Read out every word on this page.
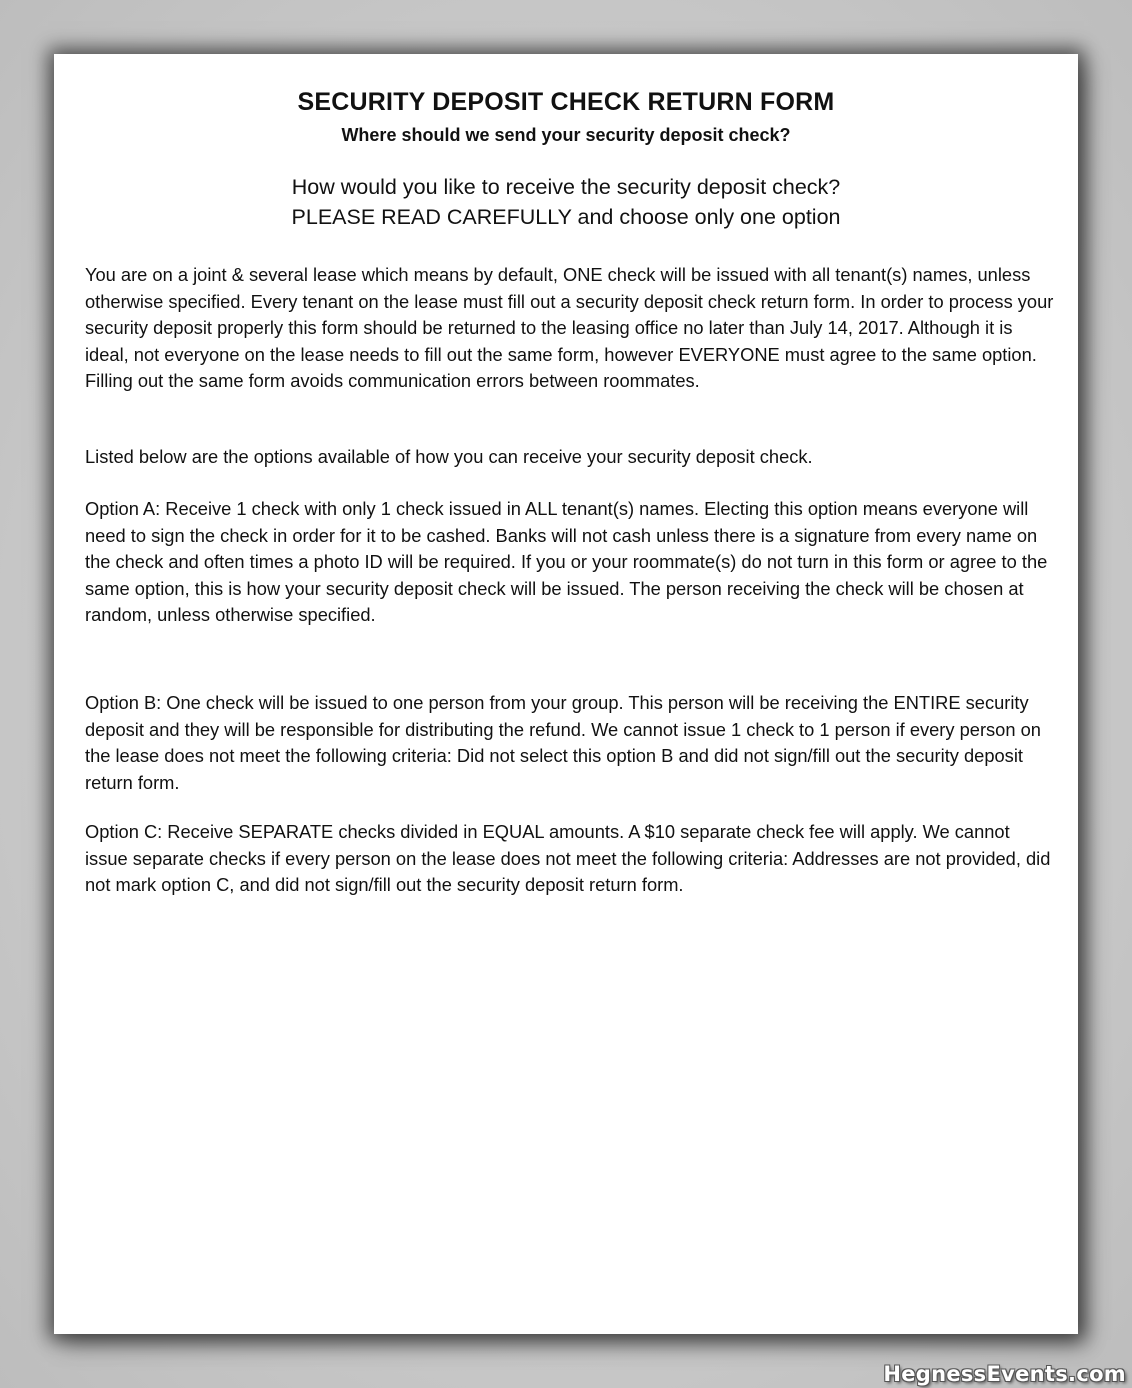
SECURITY DEPOSIT CHECK RETURN FORM
Where should we send your security deposit check?
How would you like to receive the security deposit check?
PLEASE READ CAREFULLY and choose only one option

You are on a joint & several lease which means by default, ONE check will be issued with all tenant(s) names, unless otherwise specified. Every tenant on the lease must fill out a security deposit check return form. In order to process your security deposit properly this form should be returned to the leasing office no later than July 14, 2017. Although it is ideal, not everyone on the lease needs to fill out the same form, however EVERYONE must agree to the same option. Filling out the same form avoids communication errors between roommates.

Listed below are the options available of how you can receive your security deposit check.

Option A: Receive 1 check with only 1 check issued in ALL tenant(s) names. Electing this option means everyone will need to sign the check in order for it to be cashed. Banks will not cash unless there is a signature from every name on the check and often times a photo ID will be required. If you or your roommate(s) do not turn in this form or agree to the same option, this is how your security deposit check will be issued. The person receiving the check will be chosen at random, unless otherwise specified.

Option B: One check will be issued to one person from your group. This person will be receiving the ENTIRE security deposit and they will be responsible for distributing the refund. We cannot issue 1 check to 1 person if every person on the lease does not meet the following criteria: Did not select this option B and did not sign/fill out the security deposit return form.

Option C: Receive SEPARATE checks divided in EQUAL amounts. A $10 separate check fee will apply. We cannot issue separate checks if every person on the lease does not meet the following criteria: Addresses are not provided, did not mark option C, and did not sign/fill out the security deposit return form.

HegnessEvents.com
